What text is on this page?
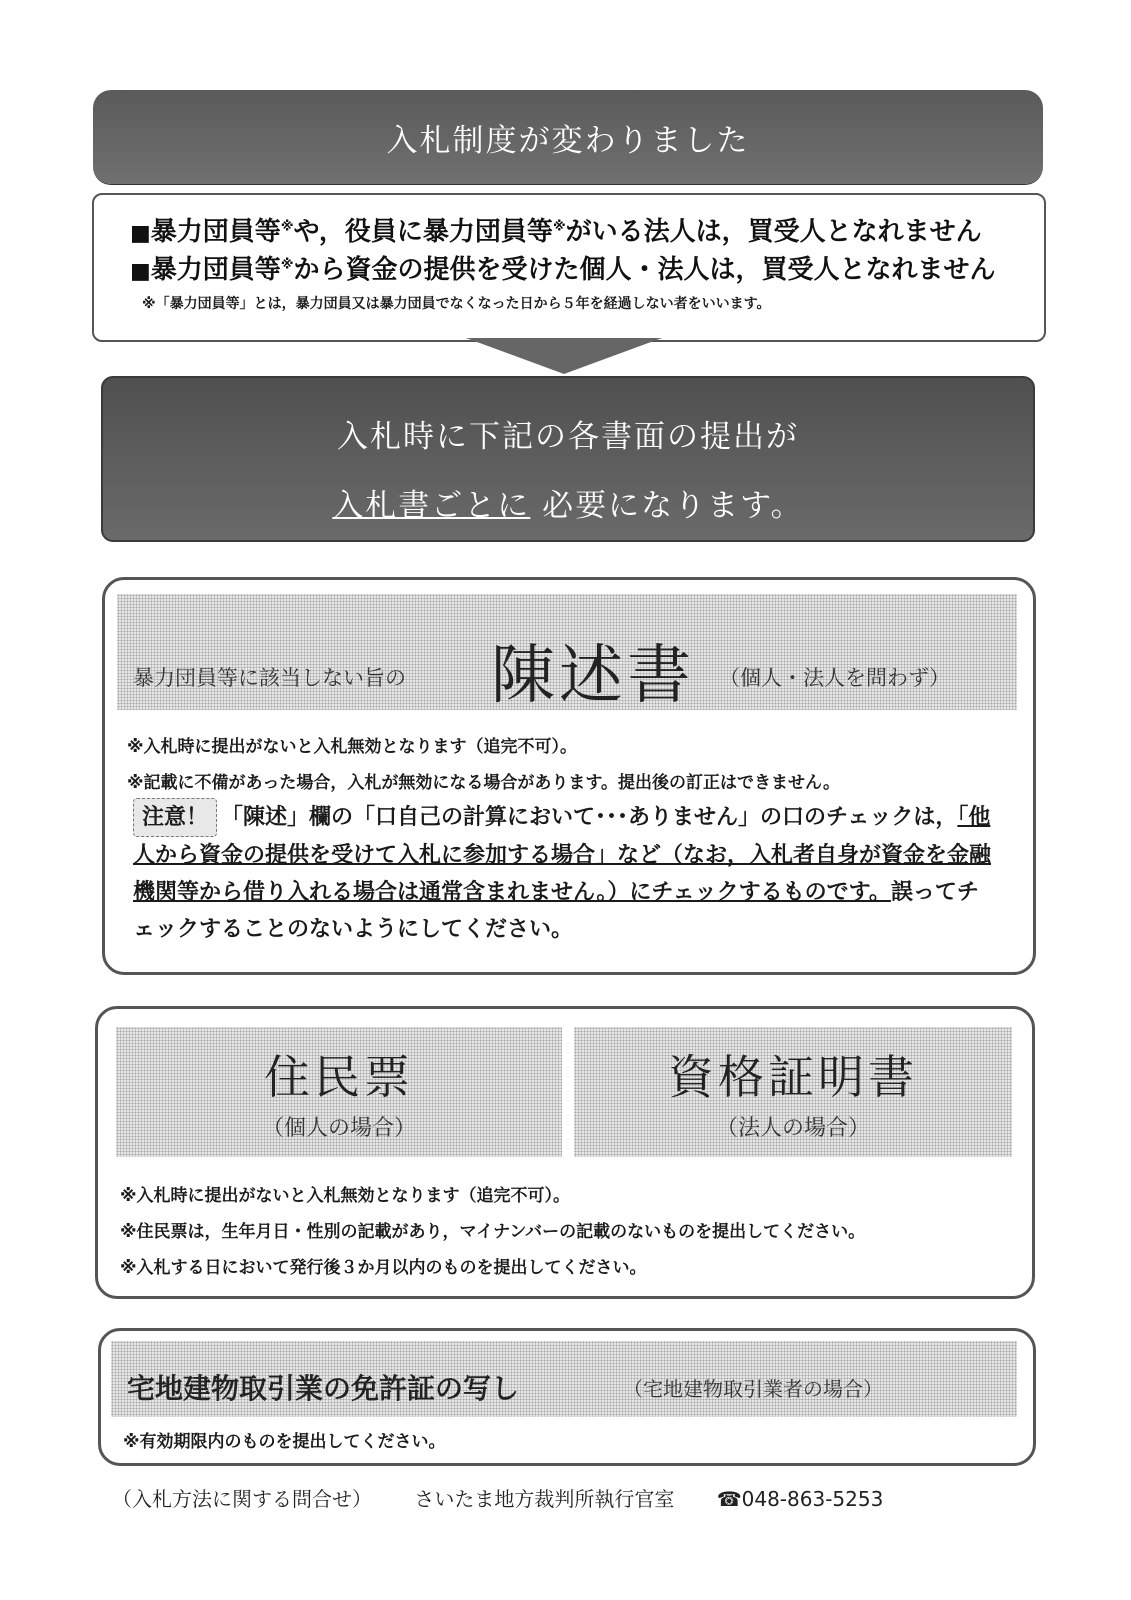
入札制度が変わりました
■暴力団員等※や，役員に暴力団員等※がいる法人は，買受人となれません
■暴力団員等※から資金の提供を受けた個人・法人は，買受人となれません
※「暴力団員等」とは，暴力団員又は暴力団員でなくなった日から５年を経過しない者をいいます。
入札時に下記の各書面の提出が
入札書ごとに 必要になります。
暴力団員等に該当しない旨の 陳述書 （個人・法人を問わず）
※入札時に提出がないと入札無効となります（追完不可）。
※記載に不備があった場合，入札が無効になる場合があります。提出後の訂正はできません。
注意！ 「陳述」欄の「口自己の計算において･･･ありません」の口のチェックは，「他人から資金の提供を受けて入札に参加する場合」など（なお，入札者自身が資金を金融機関等から借り入れる場合は通常含まれません。）にチェックするものです。誤ってチェックすることのないようにしてください。
住民票
（個人の場合）
資格証明書
（法人の場合）
※入札時に提出がないと入札無効となります（追完不可）。
※住民票は，生年月日・性別の記載があり，マイナンバーの記載のないものを提出してください。
※入札する日において発行後３か月以内のものを提出してください。
宅地建物取引業の免許証の写し	（宅地建物取引業者の場合）
※有効期限内のものを提出してください。
（入札方法に関する問合せ） さいたま地方裁判所執行官室 ☎048-863-5253
